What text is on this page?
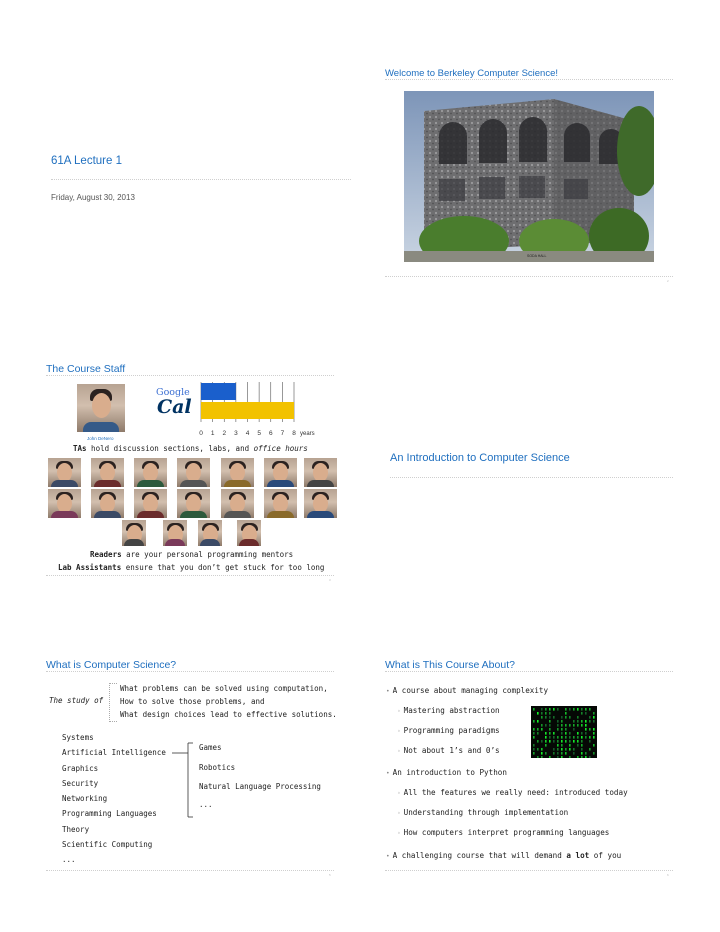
61A Lecture 1
Friday, August 30, 2013
Welcome to Berkeley Computer Science!
SODA HALL
2
The Course Staff
John DeNero
Google
Cal
0 1 2 3 4 5 6 7 8 years
TAs hold discussion sections, labs, and office hours
Readers are your personal programming mentors
Lab Assistants ensure that you don’t get stuck for too long
3
An Introduction to Computer Science
What is Computer Science?
The study of
What problems can be solved using computation,
How to solve those problems, and
What design choices lead to effective solutions.
Systems
Artificial Intelligence
Graphics
Security
Networking
Programming Languages
Theory
Scientific Computing
...
Games
Robotics
Natural Language Processing
...
5
What is This Course About?
• A course about managing complexity
◦ Mastering abstraction
◦ Programming paradigms
◦ Not about 1’s and 0’s
• An introduction to Python
◦ All the features we really need: introduced today
◦ Understanding through implementation
◦ How computers interpret programming languages
• A challenging course that will demand a lot of you
6
